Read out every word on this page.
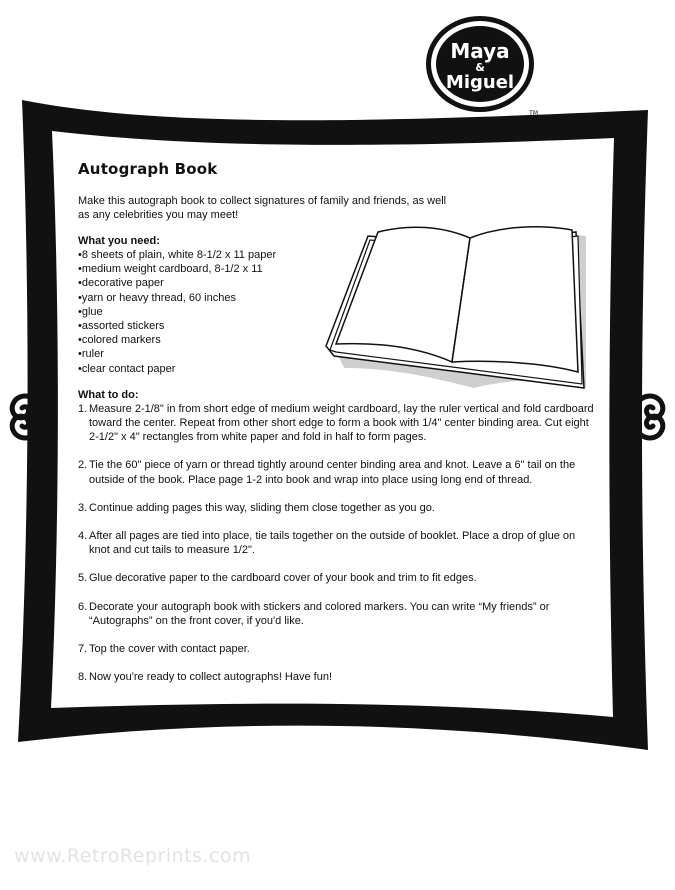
Maya
Miguel
&
TM
Autograph Book

Make this autograph book to collect signatures of family and friends, as well as any celebrities you may meet!

What you need:
• 8 sheets of plain, white 8-1/2 x 11 paper
• medium weight cardboard, 8-1/2 x 11
• decorative paper
• yarn or heavy thread, 60 inches
• glue
• assorted stickers
• colored markers
• ruler
• clear contact paper
What to do:
1. Measure 2-1/8" in from short edge of medium weight cardboard, lay the ruler vertical and fold cardboard toward the center. Repeat from other short edge to form a book with 1/4" center binding area. Cut eight 2-1/2" x 4" rectangles from white paper and fold in half to form pages.
2. Tie the 60" piece of yarn or thread tightly around center binding area and knot. Leave a 6" tail on the outside of the book. Place page 1-2 into book and wrap into place using long end of thread.
3. Continue adding pages this way, sliding them close together as you go.
4. After all pages are tied into place, tie tails together on the outside of booklet. Place a drop of glue on knot and cut tails to measure 1/2".
5. Glue decorative paper to the cardboard cover of your book and trim to fit edges.
6. Decorate your autograph book with stickers and colored markers. You can write “My friends” or “Autographs” on the front cover, if you'd like.
7. Top the cover with contact paper.
8. Now you're ready to collect autographs! Have fun!
www.RetroReprints.com
